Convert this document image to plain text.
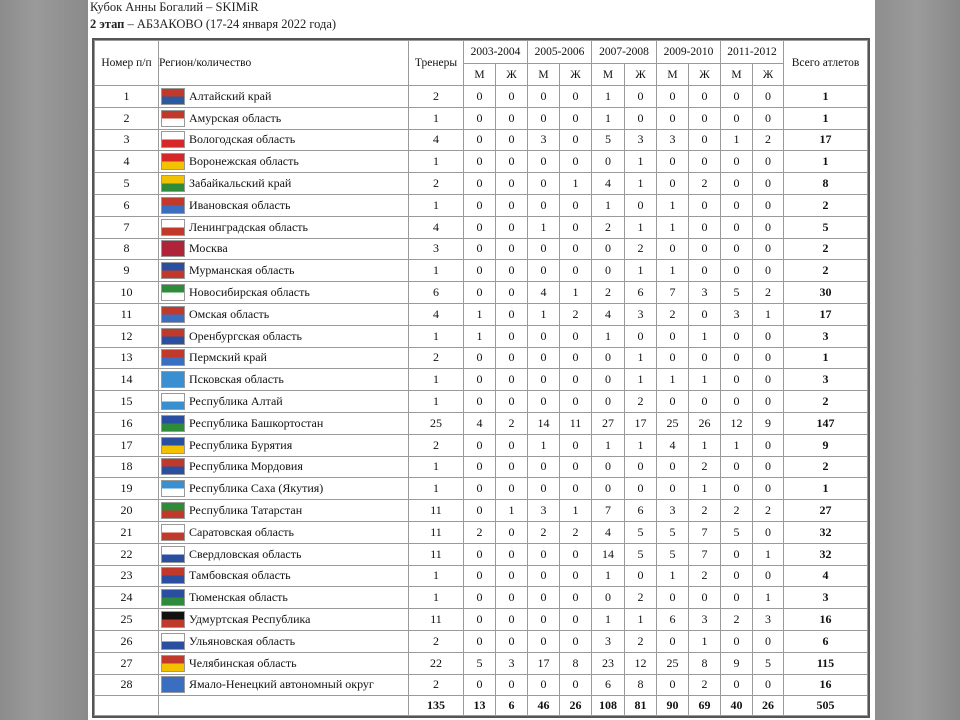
Кубок Анны Богалий – SKIMiR
2 этап – АБЗАКОВО (17-24 января 2022 года)
Номер п/п	Регион/количество	Тренеры	2003-2004		2005-2006		2007-2008		2009-2010		2011-2012		Всего атлетов
			М	Ж	М	Ж	М	Ж	М	Ж	М	Ж	
1	Алтайский край	2	0	0	0	0	1	0	0	0	0	0	1
2	Амурская область	1	0	0	0	0	1	0	0	0	0	0	1
3	Вологодская область	4	0	0	3	0	5	3	3	0	1	2	17
4	Воронежская область	1	0	0	0	0	0	1	0	0	0	0	1
5	Забайкальский край	2	0	0	0	1	4	1	0	2	0	0	8
6	Ивановская область	1	0	0	0	0	1	0	1	0	0	0	2
7	Ленинградская область	4	0	0	1	0	2	1	1	0	0	0	5
8	Москва	3	0	0	0	0	0	2	0	0	0	0	2
9	Мурманская область	1	0	0	0	0	0	1	1	0	0	0	2
10	Новосибирская область	6	0	0	4	1	2	6	7	3	5	2	30
11	Омская область	4	1	0	1	2	4	3	2	0	3	1	17
12	Оренбургская область	1	1	0	0	0	1	0	0	1	0	0	3
13	Пермский край	2	0	0	0	0	0	1	0	0	0	0	1
14	Псковская область	1	0	0	0	0	0	1	1	1	0	0	3
15	Республика Алтай	1	0	0	0	0	0	2	0	0	0	0	2
16	Республика Башкортостан	25	4	2	14	11	27	17	25	26	12	9	147
17	Республика Бурятия	2	0	0	1	0	1	1	4	1	1	0	9
18	Республика Мордовия	1	0	0	0	0	0	0	0	2	0	0	2
19	Республика Саха (Якутия)	1	0	0	0	0	0	0	0	1	0	0	1
20	Республика Татарстан	11	0	1	3	1	7	6	3	2	2	2	27
21	Саратовская область	11	2	0	2	2	4	5	5	7	5	0	32
22	Свердловская область	11	0	0	0	0	14	5	5	7	0	1	32
23	Тамбовская область	1	0	0	0	0	1	0	1	2	0	0	4
24	Тюменская область	1	0	0	0	0	0	2	0	0	0	1	3
25	Удмуртская Республика	11	0	0	0	0	1	1	6	3	2	3	16
26	Ульяновская область	2	0	0	0	0	3	2	0	1	0	0	6
27	Челябинская область	22	5	3	17	8	23	12	25	8	9	5	115
28	Ямало-Ненецкий автономный округ	2	0	0	0	0	6	8	0	2	0	0	16
		135	13	6	46	26	108	81	90	69	40	26	505
